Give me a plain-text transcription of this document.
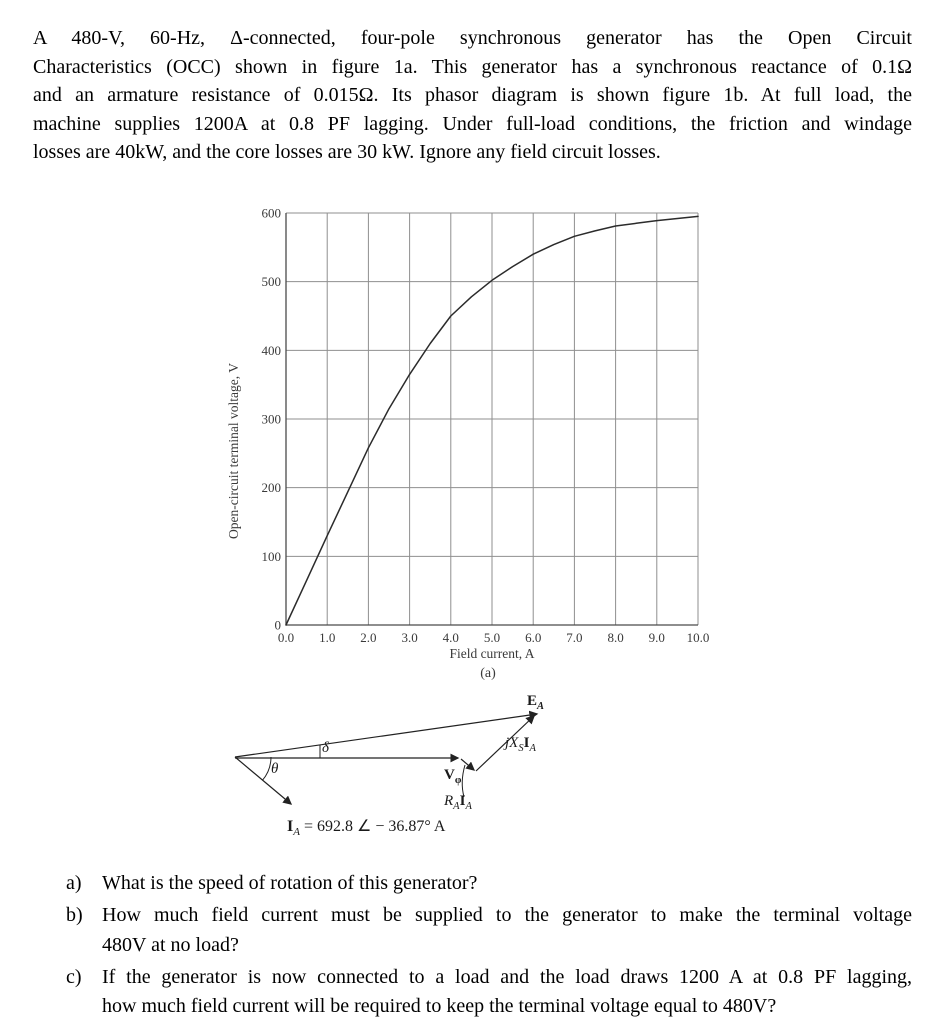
A 480-V, 60-Hz, Δ-connected, four-pole synchronous generator has the Open Circuit
Characteristics (OCC) shown in figure 1a. This generator has a synchronous reactance of 0.1Ω
and an armature resistance of 0.015Ω. Its phasor diagram is shown figure 1b. At full load, the
machine supplies 1200A at 0.8 PF lagging. Under full-load conditions, the friction and windage
losses are 40kW, and the core losses are 30 kW. Ignore any field circuit losses.
0.0 1.0 2.0 3.0 4.0 5.0 6.0 7.0 8.0 9.0 10.0
0
100
200
300
400
500
600
Field current, A
Open-circuit terminal voltage, V
(a)
$E_A$
$jX_SI_A$
$V_\varphi$
$R_AI_A$
δ
θ
$I_A = 692.8$ ∠ − 36.87° A
a)	What is the speed of rotation of this generator?
b) How much field current must be supplied to the generator to make the terminal voltage
480V at no load?
c)	If the generator is now connected to a load and the load draws 1200 A at 0.8 PF lagging,
how much field current will be required to keep the terminal voltage equal to 480V?
